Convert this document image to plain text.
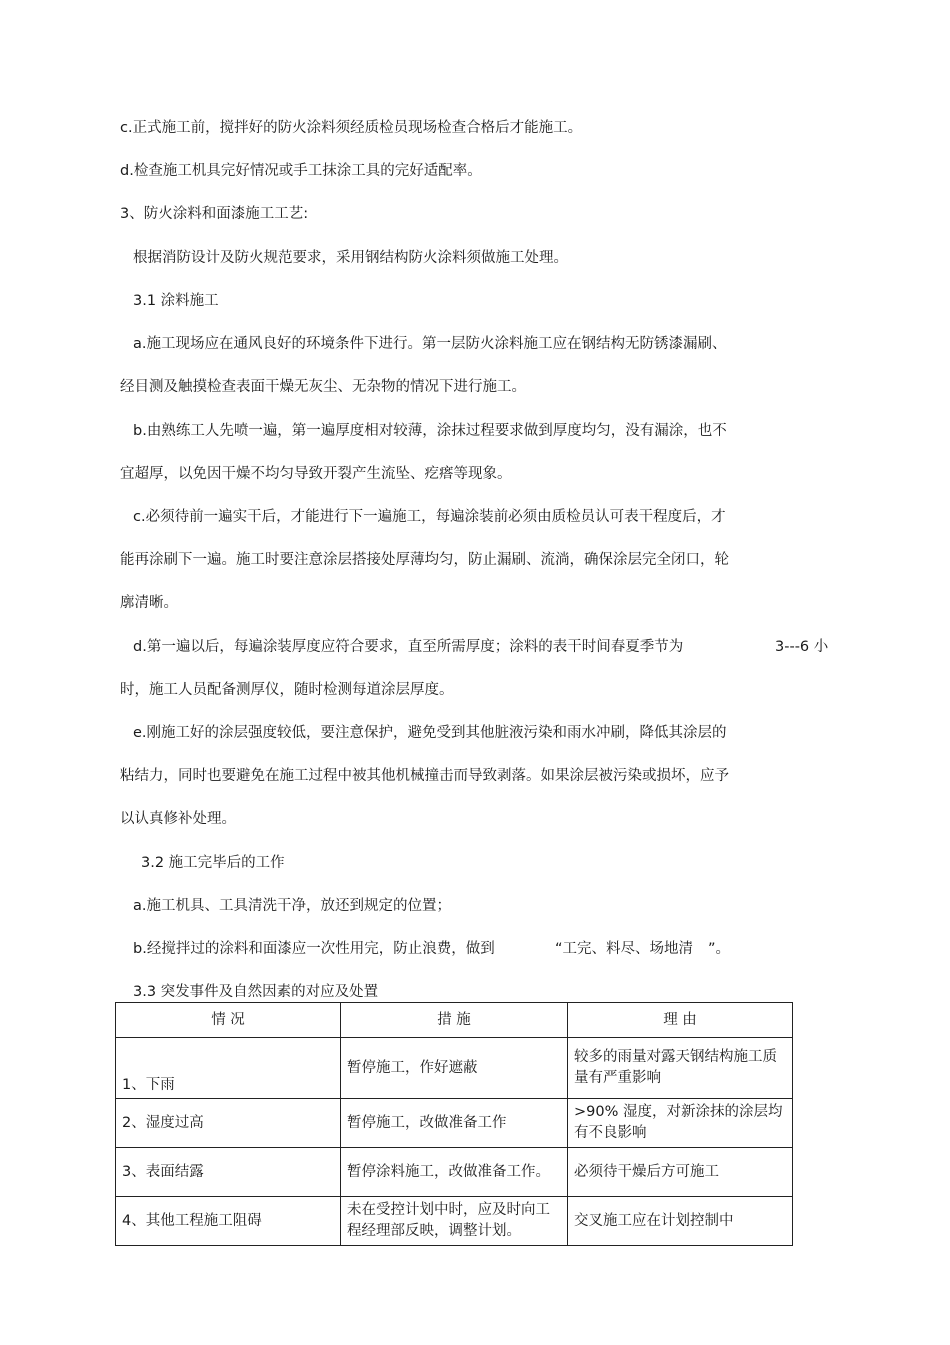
c.正式施工前，搅拌好的防火涂料须经质检员现场检查合格后才能施工。
d.检查施工机具完好情况或手工抹涂工具的完好适配率。
3、防火涂料和面漆施工工艺:
根据消防设计及防火规范要求，采用钢结构防火涂料须做施工处理。
3.1 涂料施工
a.施工现场应在通风良好的环境条件下进行。第一层防火涂料施工应在钢结构无防锈漆漏刷、
经目测及触摸检查表面干燥无灰尘、无杂物的情况下进行施工。
b.由熟练工人先喷一遍，第一遍厚度相对较薄，涂抹过程要求做到厚度均匀，没有漏涂，也不
宜超厚，以免因干燥不均匀导致开裂产生流坠、疙瘩等现象。
c.必须待前一遍实干后，才能进行下一遍施工，每遍涂装前必须由质检员认可表干程度后，才
能再涂刷下一遍。施工时要注意涂层搭接处厚薄均匀，防止漏刷、流淌，确保涂层完全闭口，轮
廓清晰。
d.第一遍以后，每遍涂装厚度应符合要求，直至所需厚度；涂料的表干时间春夏季节为	3---6 小
时，施工人员配备测厚仪，随时检测每道涂层厚度。
e.刚施工好的涂层强度较低，要注意保护，避免受到其他脏液污染和雨水冲刷，降低其涂层的
粘结力，同时也要避免在施工过程中被其他机械撞击而导致剥落。如果涂层被污染或损坏，应予
以认真修补处理。
3.2 施工完毕后的工作
a.施工机具、工具清洗干净，放还到规定的位置；
b.经搅拌过的涂料和面漆应一次性用完，防止浪费，做到	“工完、料尽、场地清 ”。
3.3 突发事件及自然因素的对应及处置
情 况	措 施	理 由
1、下雨	暂停施工，作好遮蔽	较多的雨量对露天钢结构施工质量有严重影响
2、湿度过高	暂停施工，改做准备工作	>90% 湿度，对新涂抹的涂层均有不良影响
3、表面结露	暂停涂料施工，改做准备工作。	必须待干燥后方可施工
4、其他工程施工阻碍	未在受控计划中时，应及时向工程经理部反映，调整计划。	交叉施工应在计划控制中
